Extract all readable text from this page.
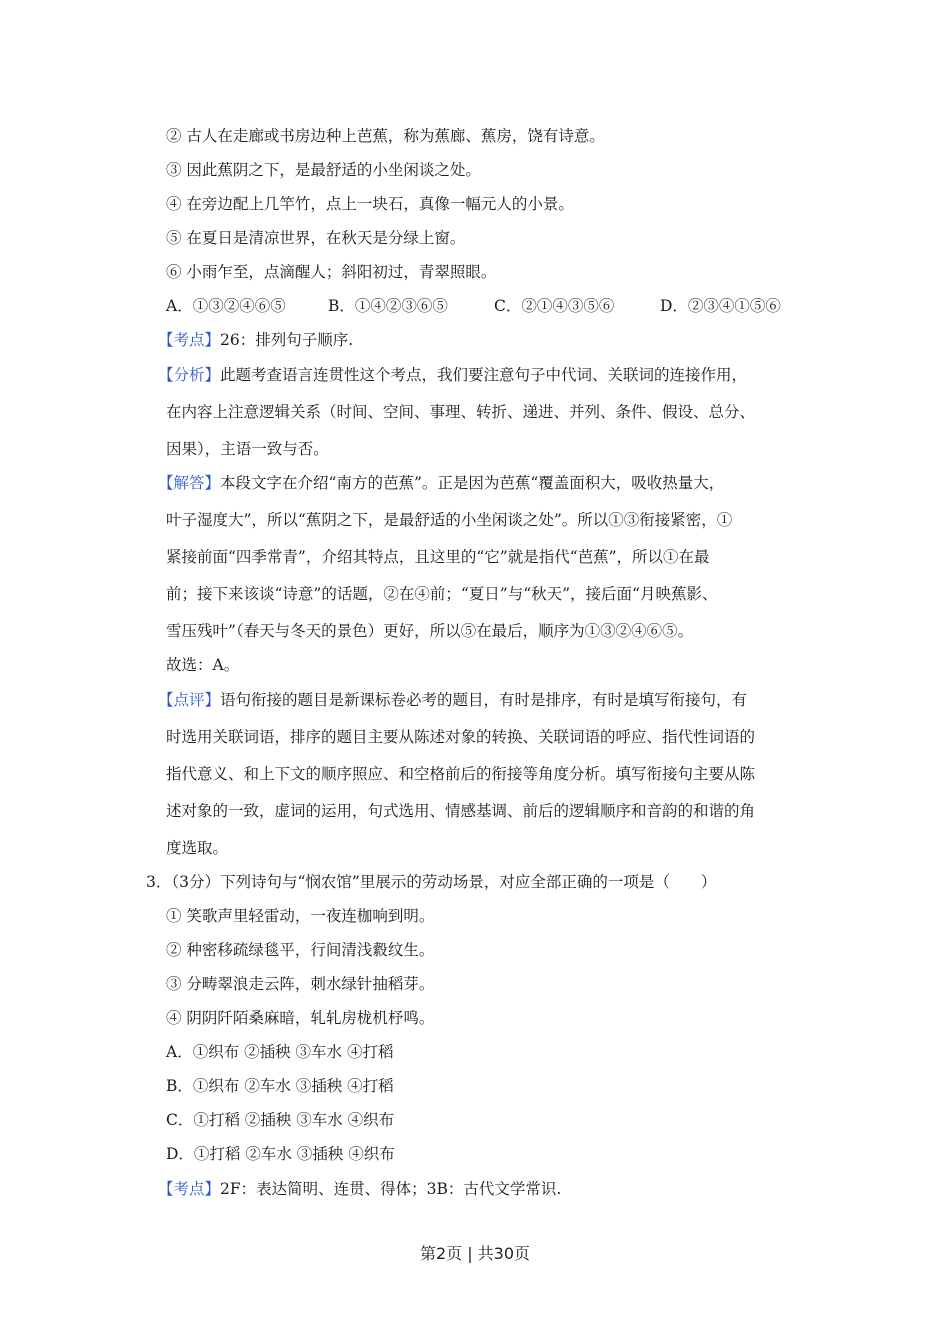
② 古人在走廊或书房边种上芭蕉，称为蕉廊、蕉房，饶有诗意。
③ 因此蕉阴之下，是最舒适的小坐闲谈之处。
④ 在旁边配上几竿竹，点上一块石，真像一幅元人的小景。
⑤ 在夏日是清凉世界，在秋天是分绿上窗。
⑥ 小雨乍至，点滴醒人；斜阳初过，青翠照眼。
A．①③②④⑥⑤	B．①④②③⑥⑤	C．②①④③⑤⑥	D．②③④①⑤⑥
【考点】26：排列句子顺序.
【分析】此题考查语言连贯性这个考点，我们要注意句子中代词、关联词的连接作用，
在内容上注意逻辑关系（时间、空间、事理、转折、递进、并列、条件、假设、总分、
因果），主语一致与否。
【解答】本段文字在介绍“南方的芭蕉”。正是因为芭蕉“覆盖面积大，吸收热量大，
叶子湿度大”，所以“蕉阴之下，是最舒适的小坐闲谈之处”。所以①③衔接紧密，①
紧接前面“四季常青”，介绍其特点，且这里的“它”就是指代“芭蕉”，所以①在最
前；接下来该谈“诗意”的话题，②在④前；“夏日”与“秋天”，接后面“月映蕉影、
雪压残叶”（春天与冬天的景色）更好，所以⑤在最后，顺序为①③②④⑥⑤。
故选：A。
【点评】语句衔接的题目是新课标卷必考的题目，有时是排序，有时是填写衔接句，有
时选用关联词语，排序的题目主要从陈述对象的转换、关联词语的呼应、指代性词语的
指代意义、和上下文的顺序照应、和空格前后的衔接等角度分析。填写衔接句主要从陈
述对象的一致，虚词的运用，句式选用、情感基调、前后的逻辑顺序和音韵的和谐的角
度选取。
3．（3分）下列诗句与“悯农馆”里展示的劳动场景，对应全部正确的一项是（　　）
① 笑歌声里轻雷动，一夜连枷响到明。
② 种密移疏绿毯平，行间清浅縠纹生。
③ 分畴翠浪走云阵，刺水绿针抽稻芽。
④ 阴阴阡陌桑麻暗，轧轧房栊机杼鸣。
A．①织布 ②插秧 ③车水 ④打稻
B．①织布 ②车水 ③插秧 ④打稻
C．①打稻 ②插秧 ③车水 ④织布
D．①打稻 ②车水 ③插秧 ④织布
【考点】2F：表达简明、连贯、得体；3B：古代文学常识.
第2页 | 共30页
